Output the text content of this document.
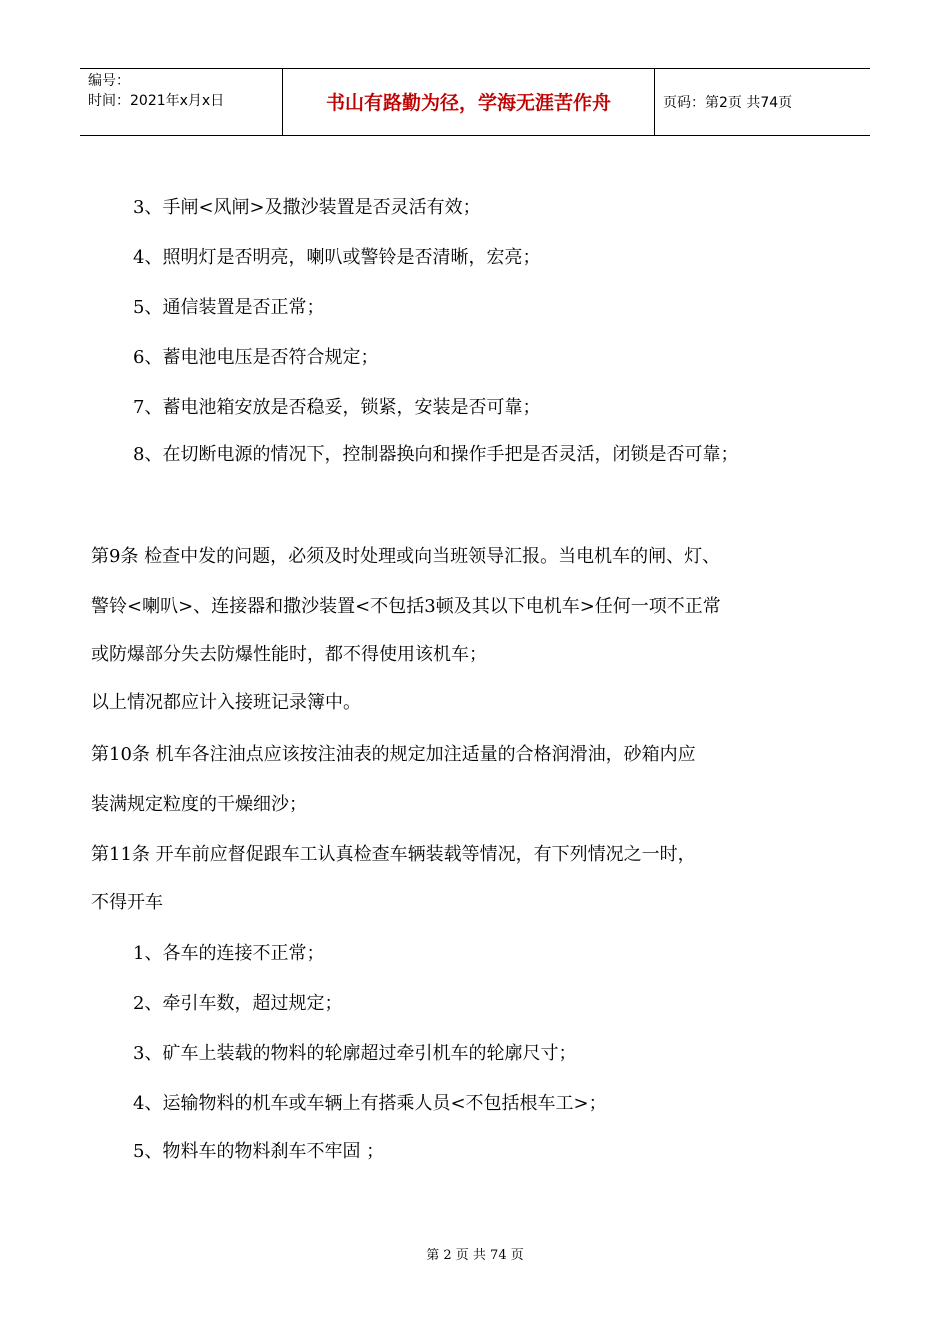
编号：
时间：2021年x月x日	书山有路勤为径，学海无涯苦作舟	页码：第2页 共74页
3、手闸<风闸>及撒沙装置是否灵活有效；
4、照明灯是否明亮，喇叭或警铃是否清晰，宏亮；
5、通信装置是否正常；
6、蓄电池电压是否符合规定；
7、蓄电池箱安放是否稳妥，锁紧，安装是否可靠；
8、在切断电源的情况下，控制器换向和操作手把是否灵活，闭锁是否可靠；
第9条 检查中发的问题，必须及时处理或向当班领导汇报。当电机车的闸、灯、
警铃<喇叭>、连接器和撒沙装置<不包括3顿及其以下电机车>任何一项不正常
或防爆部分失去防爆性能时，都不得使用该机车；
以上情况都应计入接班记录簿中。
第10条 机车各注油点应该按注油表的规定加注适量的合格润滑油，砂箱内应
装满规定粒度的干燥细沙；
第11条 开车前应督促跟车工认真检查车辆装载等情况，有下列情况之一时，
不得开车
1、各车的连接不正常；
2、牵引车数，超过规定；
3、矿车上装载的物料的轮廓超过牵引机车的轮廓尺寸；
4、运输物料的机车或车辆上有搭乘人员<不包括根车工>；
5、物料车的物料刹车不牢固 ；
第 2 页 共 74 页
